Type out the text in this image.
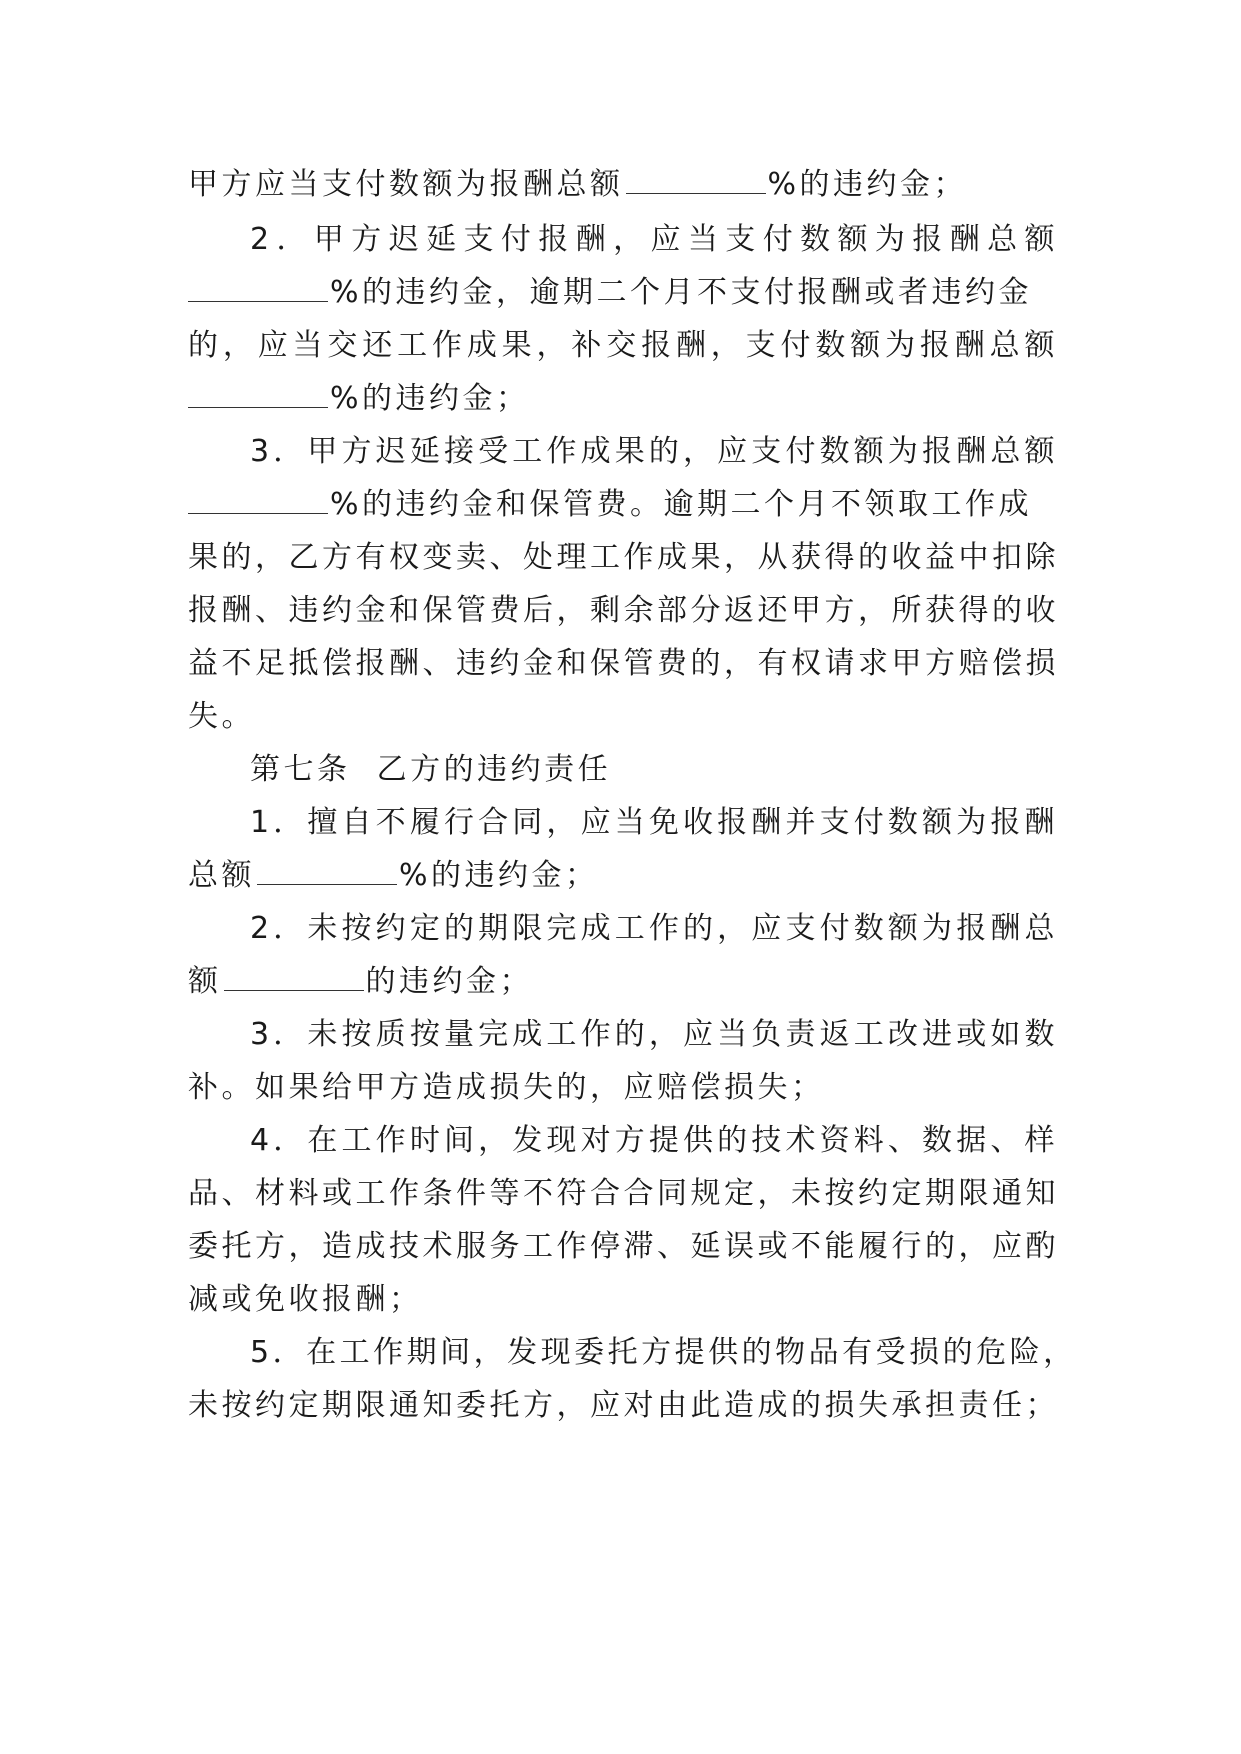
甲方应当支付数额为报酬总额	%的违约金；
2．甲方迟延支付报酬，应当支付数额为报酬总额
%的违约金，逾期二个月不支付报酬或者违约金
的，应当交还工作成果，补交报酬，支付数额为报酬总额
%的违约金；
3．甲方迟延接受工作成果的，应支付数额为报酬总额
%的违约金和保管费。逾期二个月不领取工作成
果的，乙方有权变卖、处理工作成果，从获得的收益中扣除
报酬、违约金和保管费后，剩余部分返还甲方，所获得的收
益不足抵偿报酬、违约金和保管费的，有权请求甲方赔偿损
失。
第七条  乙方的违约责任
1．擅自不履行合同，应当免收报酬并支付数额为报酬
总额	%的违约金；
2．未按约定的期限完成工作的，应支付数额为报酬总
额	的违约金；
3．未按质按量完成工作的，应当负责返工改进或如数
补。如果给甲方造成损失的，应赔偿损失；
4．在工作时间，发现对方提供的技术资料、数据、样
品、材料或工作条件等不符合合同规定，未按约定期限通知
委托方，造成技术服务工作停滞、延误或不能履行的，应酌
减或免收报酬；
5．在工作期间，发现委托方提供的物品有受损的危险，
未按约定期限通知委托方，应对由此造成的损失承担责任；
